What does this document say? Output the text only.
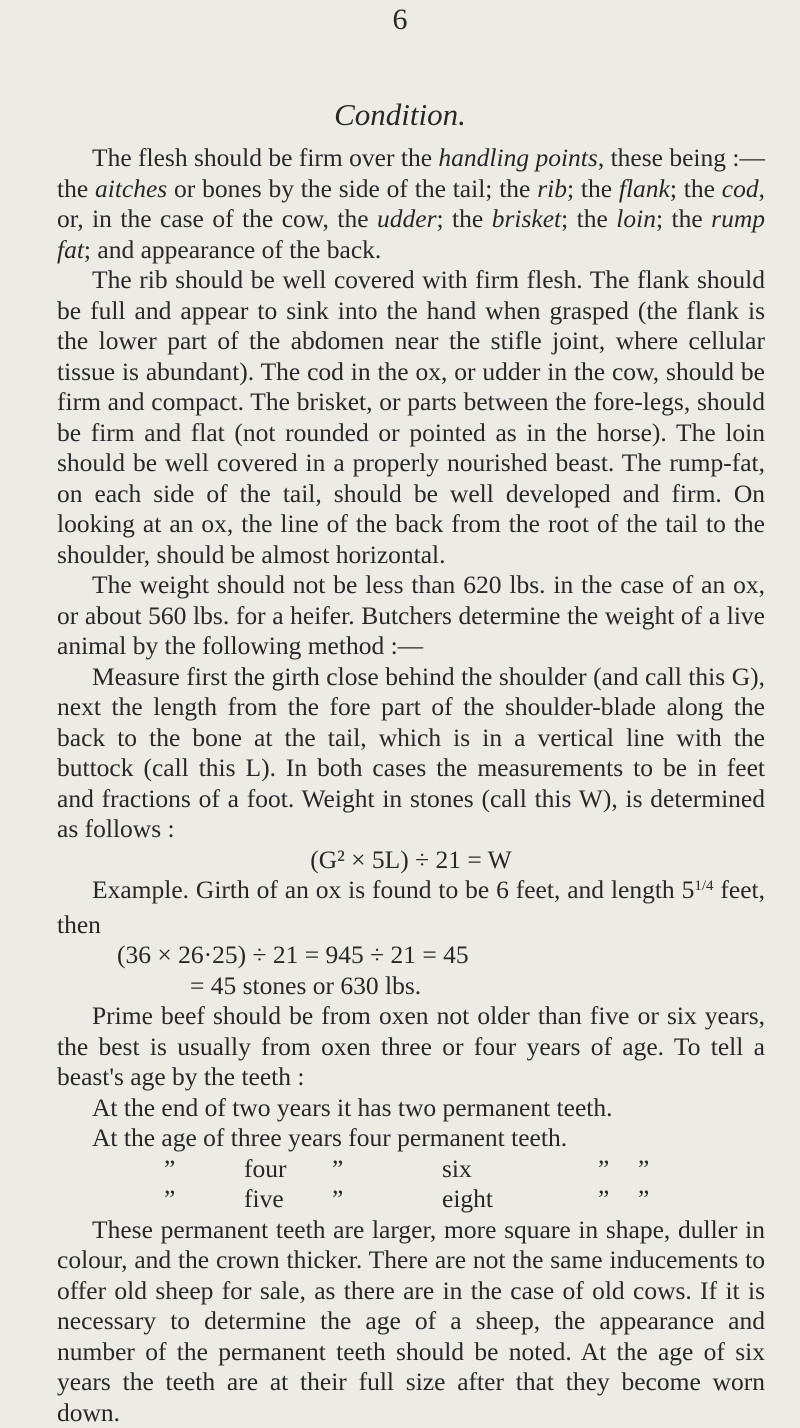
6
Condition.

The flesh should be firm over the handling points, these being :—the aitches or bones by the side of the tail; the rib; the flank; the cod, or, in the case of the cow, the udder; the brisket; the loin; the rump fat; and appearance of the back.

The rib should be well covered with firm flesh. The flank should be full and appear to sink into the hand when grasped (the flank is the lower part of the abdomen near the stifle joint, where cellular tissue is abundant). The cod in the ox, or udder in the cow, should be firm and compact. The brisket, or parts between the fore-legs, should be firm and flat (not rounded or pointed as in the horse). The loin should be well covered in a properly nourished beast. The rump-fat, on each side of the tail, should be well developed and firm. On looking at an ox, the line of the back from the root of the tail to the shoulder, should be almost horizontal.

The weight should not be less than 620 lbs. in the case of an ox, or about 560 lbs. for a heifer. Butchers determine the weight of a live animal by the following method :—

Measure first the girth close behind the shoulder (and call this G), next the length from the fore part of the shoulder-blade along the back to the bone at the tail, which is in a vertical line with the buttock (call this L). In both cases the measurements to be in feet and fractions of a foot. Weight in stones (call this W), is determined as follows :

(G² × 5L) ÷ 21 = W

Example. Girth of an ox is found to be 6 feet, and length $5^{1/4}$ feet, then

(36 × 26·25) ÷ 21 = 945 ÷ 21 = 45
= 45 stones or 630 lbs.

Prime beef should be from oxen not older than five or six years, the best is usually from oxen three or four years of age. To tell a beast's age by the teeth :

At the end of two years it has two permanent teeth.
At the age of three years four permanent teeth.
”	four	”	six	”	”
”	five	”	eight	”	”

These permanent teeth are larger, more square in shape, duller in colour, and the crown thicker. There are not the same inducements to offer old sheep for sale, as there are in the case of old cows. If it is necessary to determine the age of a sheep, the appearance and number of the permanent teeth should be noted. At the age of six years the teeth are at their full size after that they become worn down.
